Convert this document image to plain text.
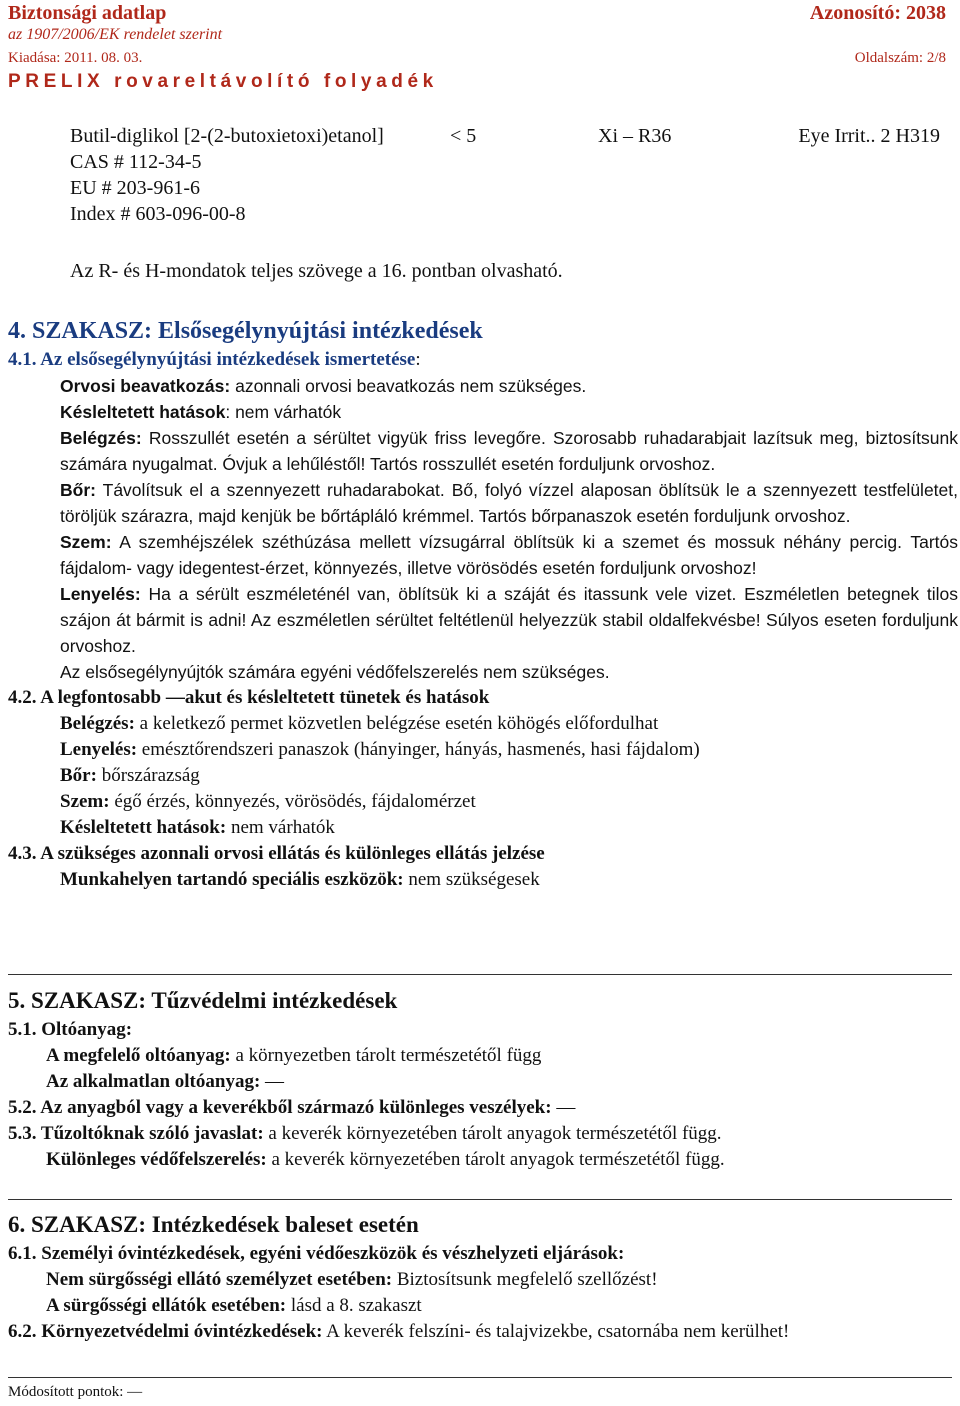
Biztonsági adatlap	Azonosító: 2038
az 1907/2006/EK rendelet szerint
Kiadása: 2011. 08. 03.	Oldalszám: 2/8
PRELIX rovareltávolító folyadék
Butil-diglikol [2-(2-butoxietoxi)etanol]	< 5	Xi – R36	Eye Irrit.. 2 H319
CAS # 112-34-5
EU # 203-961-6
Index # 603-096-00-8
Az R- és H-mondatok teljes szövege a 16. pontban olvasható.
4. SZAKASZ: Elsősegélynyújtási intézkedések
4.1. Az elsősegélynyújtási intézkedések ismertetése:
Orvosi beavatkozás: azonnali orvosi beavatkozás nem szükséges.
Késleltetett hatások: nem várhatók
Belégzés: Rosszullét esetén a sérültet vigyük friss levegőre. Szorosabb ruhadarabjait lazítsuk meg, biztosítsunk számára nyugalmat. Óvjuk a lehűléstől! Tartós rosszullét esetén forduljunk orvoshoz.
Bőr: Távolítsuk el a szennyezett ruhadarabokat. Bő, folyó vízzel alaposan öblítsük le a szennyezett testfelületet, töröljük szárazra, majd kenjük be bőrtápláló krémmel. Tartós bőrpanaszok esetén forduljunk orvoshoz.
Szem: A szemhéjszélek széthúzása mellett vízsugárral öblítsük ki a szemet és mossuk néhány percig. Tartós fájdalom- vagy idegentest-érzet, könnyezés, illetve vörösödés esetén forduljunk orvoshoz!
Lenyelés: Ha a sérült eszméleténél van, öblítsük ki a száját és itassunk vele vizet. Eszméletlen betegnek tilos szájon át bármit is adni! Az eszméletlen sérültet feltétlenül helyezzük stabil oldalfekvésbe! Súlyos eseten forduljunk orvoshoz.
Az elsősegélynyújtók számára egyéni védőfelszerelés nem szükséges.
4.2. A legfontosabb —akut és késleltetett tünetek és hatások
Belégzés: a keletkező permet közvetlen belégzése esetén köhögés előfordulhat
Lenyelés: emésztőrendszeri panaszok (hányinger, hányás, hasmenés, hasi fájdalom)
Bőr: bőrszárazság
Szem: égő érzés, könnyezés, vörösödés, fájdalomérzet
Késleltetett hatások: nem várhatók
4.3. A szükséges azonnali orvosi ellátás és különleges ellátás jelzése
Munkahelyen tartandó speciális eszközök: nem szükségesek
5. SZAKASZ: Tűzvédelmi intézkedések
5.1. Oltóanyag:
A megfelelő oltóanyag: a környezetben tárolt természetétől függ
Az alkalmatlan oltóanyag: —
5.2. Az anyagból vagy a keverékből származó különleges veszélyek: —
5.3. Tűzoltóknak szóló javaslat: a keverék környezetében tárolt anyagok természetétől függ.
Különleges védőfelszerelés: a keverék környezetében tárolt anyagok természetétől függ.
6. SZAKASZ: Intézkedések baleset esetén
6.1. Személyi óvintézkedések, egyéni védőeszközök és vészhelyzeti eljárások:
Nem sürgősségi ellátó személyzet esetében: Biztosítsunk megfelelő szellőzést!
A sürgősségi ellátók esetében: lásd a 8. szakaszt
6.2. Környezetvédelmi óvintézkedések: A keverék felszíni- és talajvizekbe, csatornába nem kerülhet!
Módosított pontok: —
